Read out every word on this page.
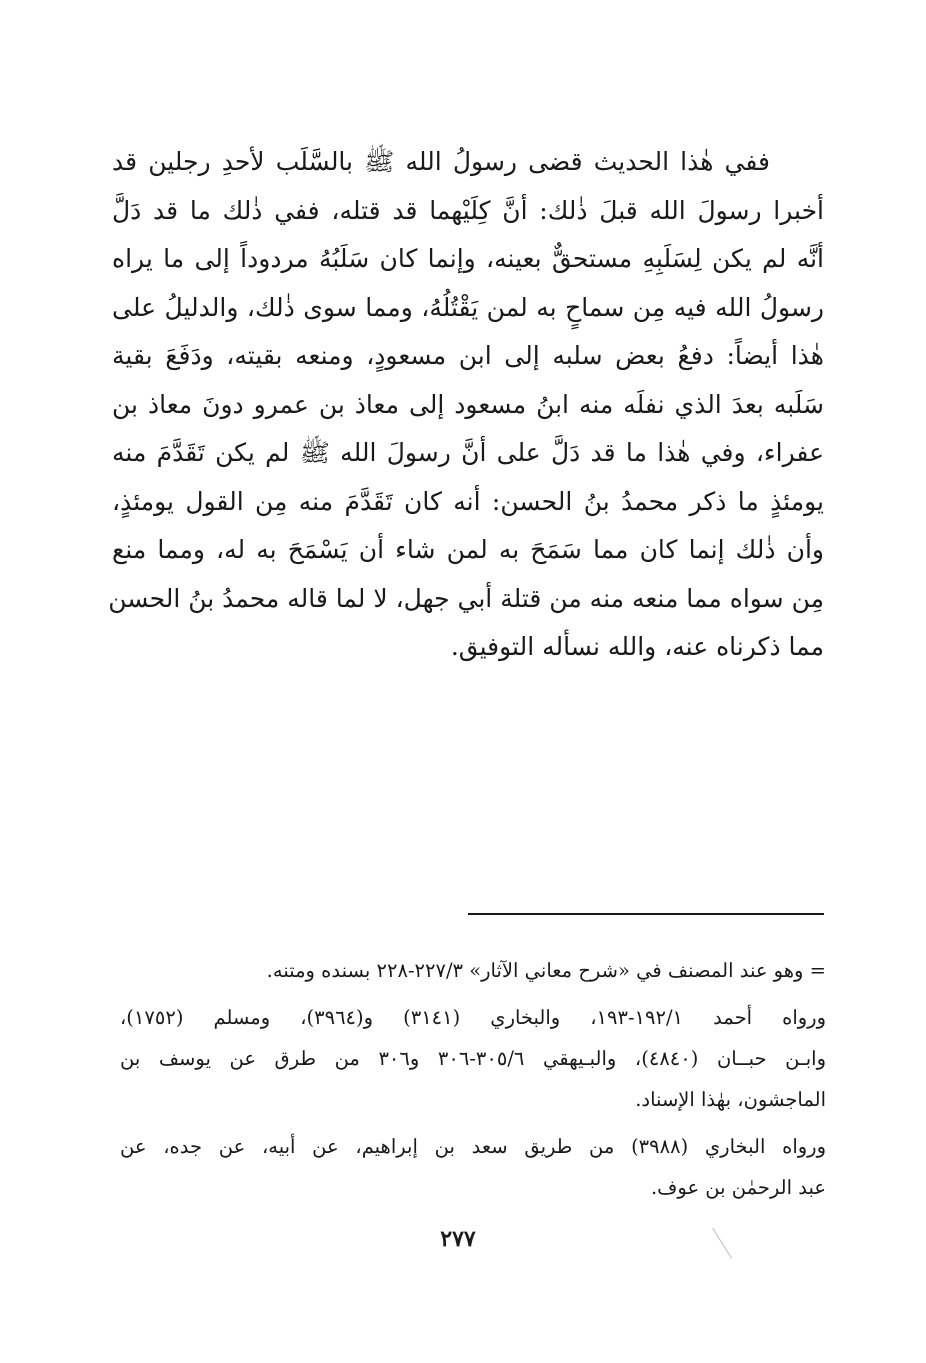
ففي هٰذا الحديث قضى رسولُ الله ﷺ بالسَّلَب لأحدِ رجلين قد
أخبرا رسولَ الله قبلَ ذٰلك: أنَّ كِلَيْهما قد قتله، ففي ذٰلك ما قد دَلَّ
أنَّه لم يكن لِسَلَبِهِ مستحقٌّ بعينه، وإنما كان سَلَبُهُ مردوداً إلى ما يراه
رسولُ الله فيه مِن سماحٍ به لمن يَقْتُلُهُ، ومما سوى ذٰلك، والدليلُ على
هٰذا أيضاً: دفعُ بعض سلبه إلى ابن مسعودٍ، ومنعه بقيته، ودَفَعَ بقية
سَلَبه بعدَ الذي نفلَه منه ابنُ مسعود إلى معاذ بن عمرو دونَ معاذ بن
عفراء، وفي هٰذا ما قد دَلَّ على أنَّ رسولَ الله ﷺ لم يكن تَقَدَّمَ منه
يومئذٍ ما ذكر محمدُ بنُ الحسن: أنه كان تَقَدَّمَ منه مِن القول يومئذٍ،
وأن ذٰلك إنما كان مما سَمَحَ به لمن شاء أن يَسْمَحَ به له، ومما منع
مِن سواه مما منعه منه من قتلة أبي جهل، لا لما قاله محمدُ بنُ الحسن
مما ذكرناه عنه، والله نسأله التوفيق.
= وهو عند المصنف في «شرح معاني الآثار» ٢٢٧/٣-٢٢٨ بسنده ومتنه.
ورواه أحمد ١٩٢/١-١٩٣، والبخاري (٣١٤١) و(٣٩٦٤)، ومسلم (١٧٥٢)،
وابـن حبــان (٤٨٤٠)، والبـيهقي ٣٠٥/٦-٣٠٦ و٣٠٦ من طرق عن يوسف بن
الماجشون، بهٰذا الإسناد.
ورواه البخاري (٣٩٨٨) من طريق سعد بن إبراهيم، عن أبيه، عن جده، عن
عبد الرحمٰن بن عوف.
٢٧٧
